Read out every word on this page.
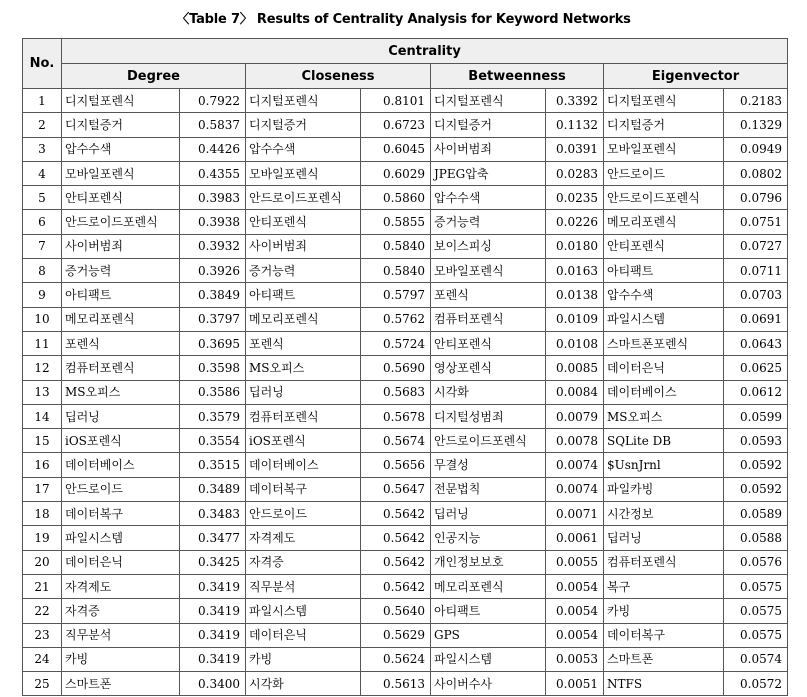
〈Table 7〉 Results of Centrality Analysis for Keyword Networks
No.	Centrality							
	Degree		Closeness		Betweenness		Eigenvector	
1	디지털포렌식	0.7922	디지털포렌식	0.8101	디지털포렌식	0.3392	디지털포렌식	0.2183
2	디지털증거	0.5837	디지털증거	0.6723	디지털증거	0.1132	디지털증거	0.1329
3	압수수색	0.4426	압수수색	0.6045	사이버범죄	0.0391	모바일포렌식	0.0949
4	모바일포렌식	0.4355	모바일포렌식	0.6029	JPEG압축	0.0283	안드로이드	0.0802
5	안티포렌식	0.3983	안드로이드포렌식	0.5860	압수수색	0.0235	안드로이드포렌식	0.0796
6	안드로이드포렌식	0.3938	안티포렌식	0.5855	증거능력	0.0226	메모리포렌식	0.0751
7	사이버범죄	0.3932	사이버범죄	0.5840	보이스피싱	0.0180	안티포렌식	0.0727
8	증거능력	0.3926	증거능력	0.5840	모바일포렌식	0.0163	아티팩트	0.0711
9	아티팩트	0.3849	아티팩트	0.5797	포렌식	0.0138	압수수색	0.0703
10	메모리포렌식	0.3797	메모리포렌식	0.5762	컴퓨터포렌식	0.0109	파일시스템	0.0691
11	포렌식	0.3695	포렌식	0.5724	안티포렌식	0.0108	스마트폰포렌식	0.0643
12	컴퓨터포렌식	0.3598	MS오피스	0.5690	영상포렌식	0.0085	데이터은닉	0.0625
13	MS오피스	0.3586	딥러닝	0.5683	시각화	0.0084	데이터베이스	0.0612
14	딥러닝	0.3579	컴퓨터포렌식	0.5678	디지털성범죄	0.0079	MS오피스	0.0599
15	iOS포렌식	0.3554	iOS포렌식	0.5674	안드로이드포렌식	0.0078	SQLite DB	0.0593
16	데이터베이스	0.3515	데이터베이스	0.5656	무결성	0.0074	$UsnJrnl	0.0592
17	안드로이드	0.3489	데이터복구	0.5647	전문법칙	0.0074	파일카빙	0.0592
18	데이터복구	0.3483	안드로이드	0.5642	딥러닝	0.0071	시간정보	0.0589
19	파일시스템	0.3477	자격제도	0.5642	인공지능	0.0061	딥러닝	0.0588
20	데이터은닉	0.3425	자격증	0.5642	개인정보보호	0.0055	컴퓨터포렌식	0.0576
21	자격제도	0.3419	직무분석	0.5642	메모리포렌식	0.0054	복구	0.0575
22	자격증	0.3419	파일시스템	0.5640	아티팩트	0.0054	카빙	0.0575
23	직무분석	0.3419	데이터은닉	0.5629	GPS	0.0054	데이터복구	0.0575
24	카빙	0.3419	카빙	0.5624	파일시스템	0.0053	스마트폰	0.0574
25	스마트폰	0.3400	시각화	0.5613	사이버수사	0.0051	NTFS	0.0572
